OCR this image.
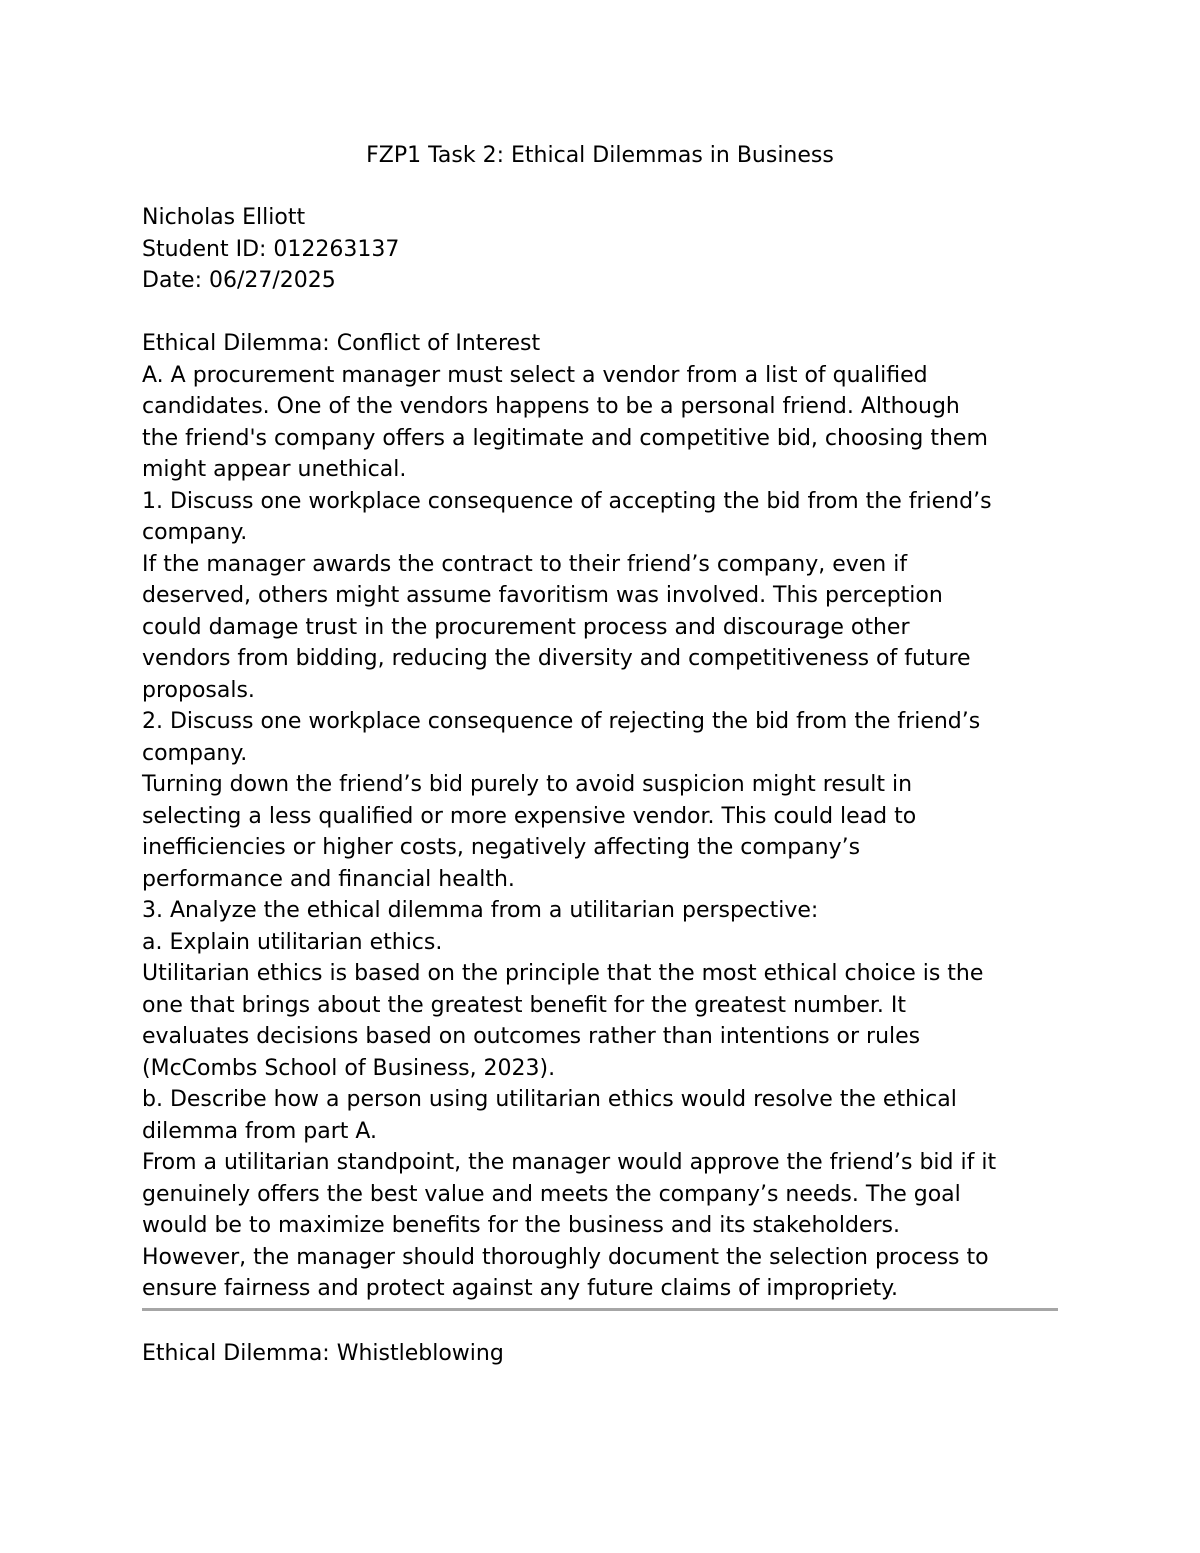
FZP1 Task 2: Ethical Dilemmas in Business
Nicholas Elliott
Student ID: 012263137
Date: 06/27/2025
Ethical Dilemma: Conflict of Interest
A. A procurement manager must select a vendor from a list of qualified
candidates. One of the vendors happens to be a personal friend. Although
the friend's company offers a legitimate and competitive bid, choosing them
might appear unethical.
1. Discuss one workplace consequence of accepting the bid from the friend’s
company.
If the manager awards the contract to their friend’s company, even if
deserved, others might assume favoritism was involved. This perception
could damage trust in the procurement process and discourage other
vendors from bidding, reducing the diversity and competitiveness of future
proposals.
2. Discuss one workplace consequence of rejecting the bid from the friend’s
company.
Turning down the friend’s bid purely to avoid suspicion might result in
selecting a less qualified or more expensive vendor. This could lead to
inefficiencies or higher costs, negatively affecting the company’s
performance and financial health.
3. Analyze the ethical dilemma from a utilitarian perspective:
a. Explain utilitarian ethics.
Utilitarian ethics is based on the principle that the most ethical choice is the
one that brings about the greatest benefit for the greatest number. It
evaluates decisions based on outcomes rather than intentions or rules
(McCombs School of Business, 2023).
b. Describe how a person using utilitarian ethics would resolve the ethical
dilemma from part A.
From a utilitarian standpoint, the manager would approve the friend’s bid if it
genuinely offers the best value and meets the company’s needs. The goal
would be to maximize benefits for the business and its stakeholders.
However, the manager should thoroughly document the selection process to
ensure fairness and protect against any future claims of impropriety.
Ethical Dilemma: Whistleblowing
